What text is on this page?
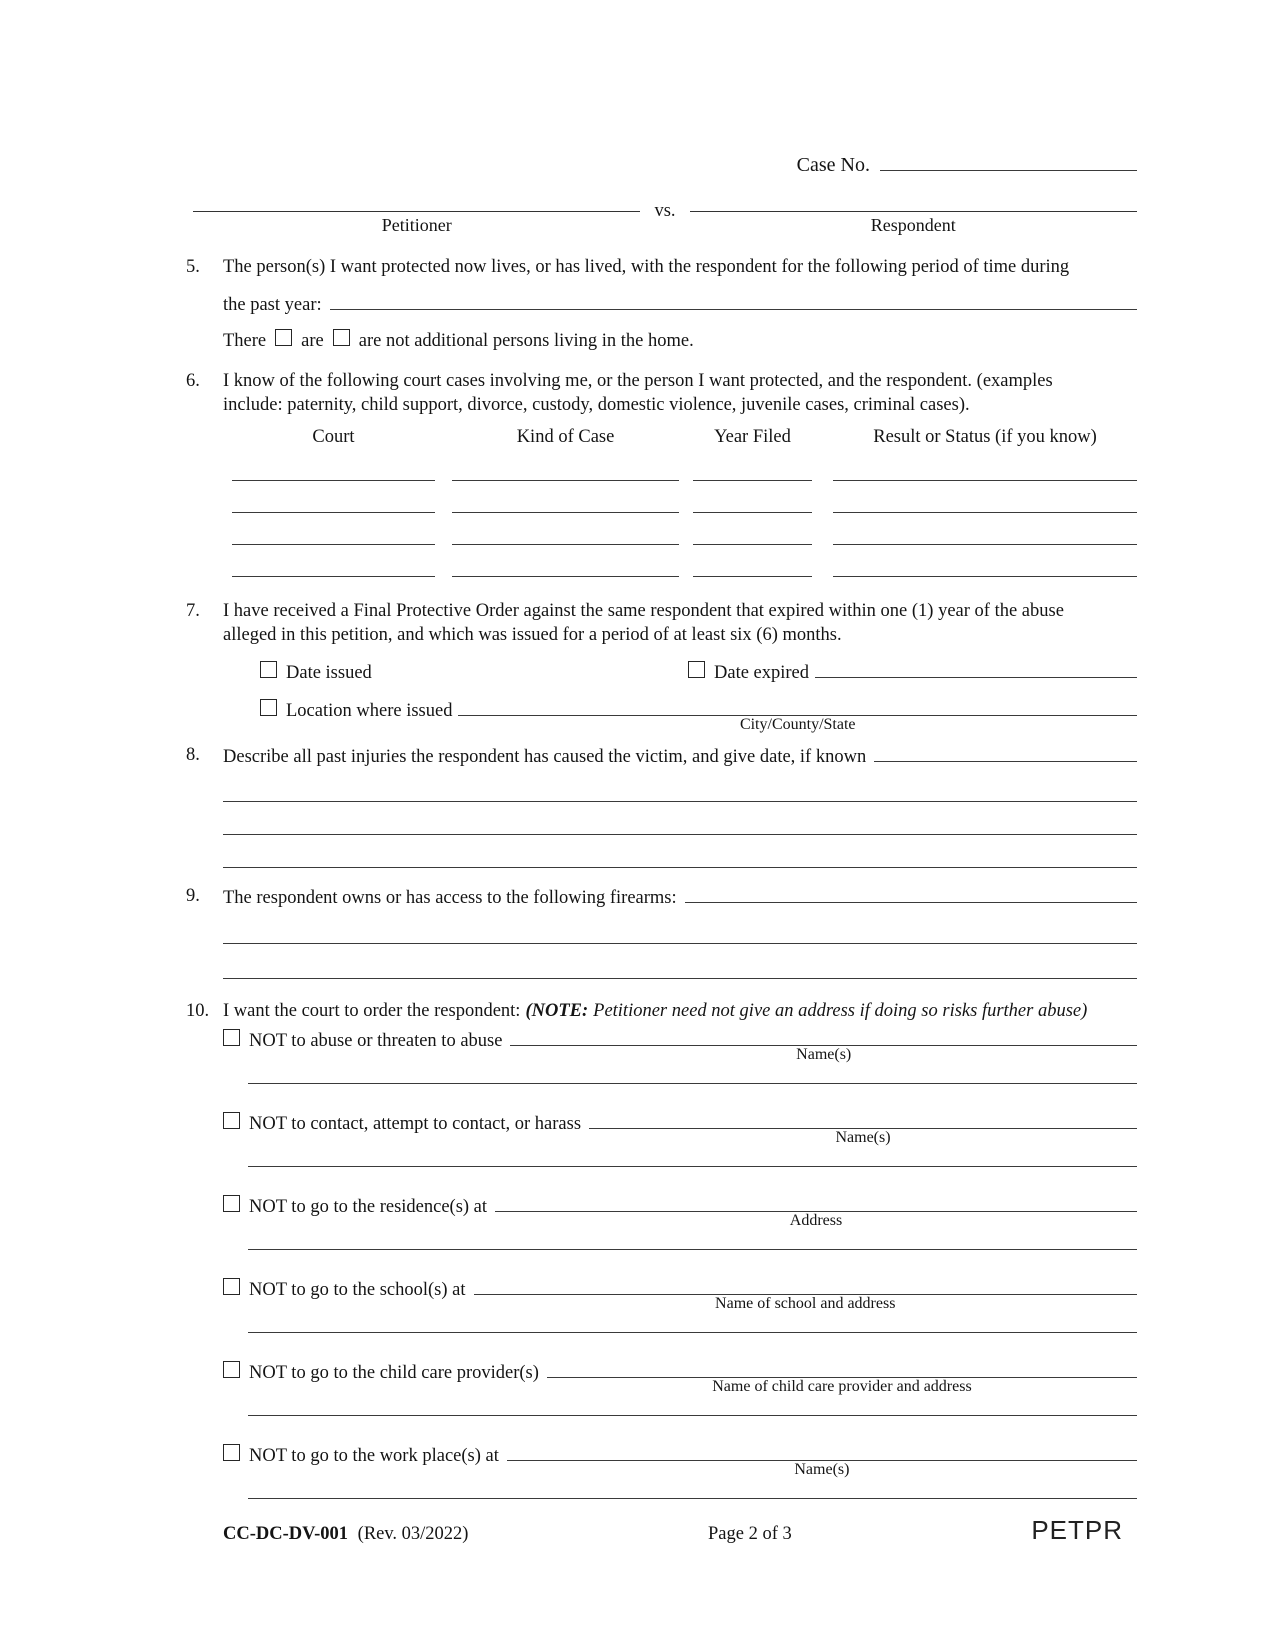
Case No.
Petitioner
vs.
Respondent
5.	The person(s) I want protected now lives, or has lived, with the respondent for the following period of time during
the past year:
There are are not additional persons living in the home.
6.	I know of the following court cases involving me, or the person I want protected, and the respondent. (examples
include: paternity, child support, divorce, custody, domestic violence, juvenile cases, criminal cases).
Court	Kind of Case	Year Filed	Result or Status (if you know)
7.	I have received a Final Protective Order against the same respondent that expired within one (1) year of the abuse
alleged in this petition, and which was issued for a period of at least six (6) months.
Date issued	Date expired
Location where issued
City/County/State
8.	Describe all past injuries the respondent has caused the victim, and give date, if known
9.	The respondent owns or has access to the following firearms:
10. I want the court to order the respondent: (NOTE: Petitioner need not give an address if doing so risks further abuse)
NOT to abuse or threaten to abuse
Name(s)
NOT to contact, attempt to contact, or harass
Name(s)
NOT to go to the residence(s) at
Address
NOT to go to the school(s) at
Name of school and address
NOT to go to the child care provider(s)
Name of child care provider and address
NOT to go to the work place(s) at
Name(s)
CC-DC-DV-001 (Rev. 03/2022)	Page 2 of 3	PETPR
